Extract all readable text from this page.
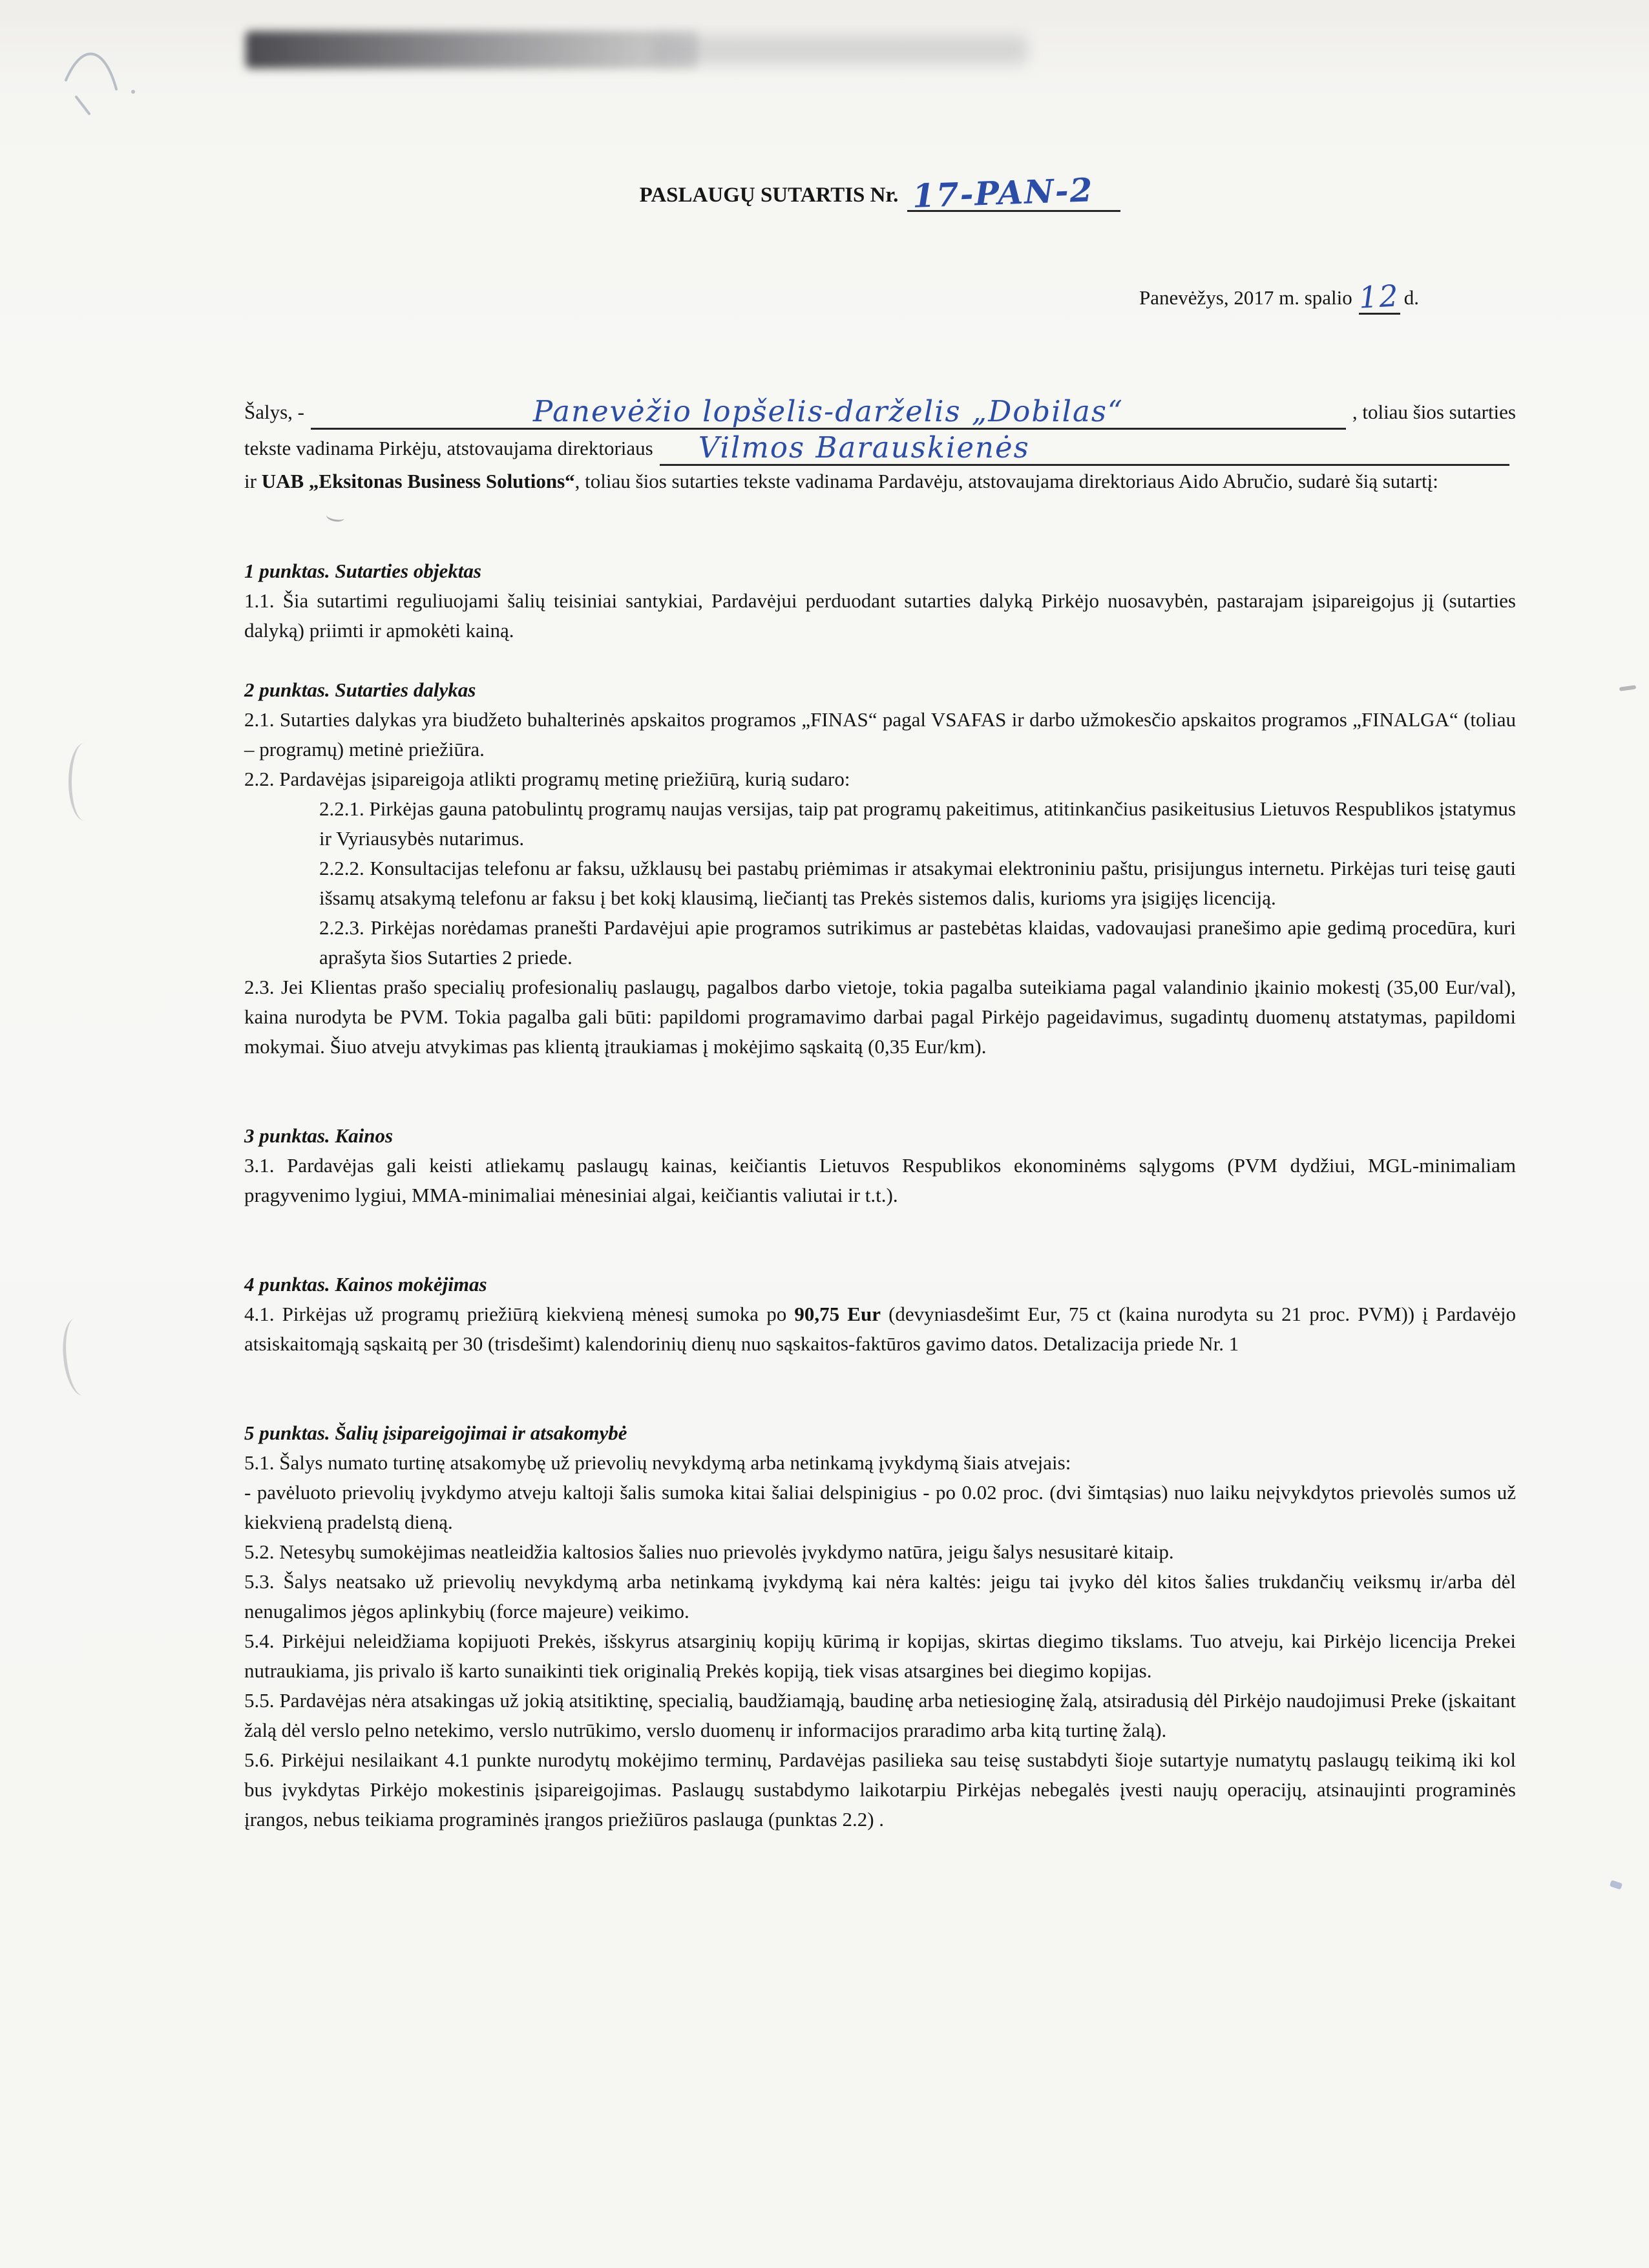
PASLAUGŲ SUTARTIS Nr. 17-PAN-2
Panevėžys, 2017 m. spalio 12 d.
Šalys, -	Panevėžio lopšelis-darželis „Dobilas“	, toliau šios sutarties
tekste vadinama Pirkėju, atstovaujama direktoriaus	Vilmos Barauskienės

ir UAB „Eksitonas Business Solutions“, toliau šios sutarties tekste vadinama Pardavėju, atstovaujama direktoriaus Aido Abručio, sudarė šią sutartį:

1 punktas. Sutarties objektas

1.1. Šia sutartimi reguliuojami šalių teisiniai santykiai, Pardavėjui perduodant sutarties dalyką Pirkėjo nuosavybėn, pastarajam įsipareigojus jį (sutarties dalyką) priimti ir apmokėti kainą.

2 punktas. Sutarties dalykas

2.1. Sutarties dalykas yra biudžeto buhalterinės apskaitos programos „FINAS“ pagal VSAFAS ir darbo užmokesčio apskaitos programos „FINALGA“ (toliau – programų) metinė priežiūra.

2.2. Pardavėjas įsipareigoja atlikti programų metinę priežiūrą, kurią sudaro:

2.2.1. Pirkėjas gauna patobulintų programų naujas versijas, taip pat programų pakeitimus, atitinkančius pasikeitusius Lietuvos Respublikos įstatymus ir Vyriausybės nutarimus.

2.2.2. Konsultacijas telefonu ar faksu, užklausų bei pastabų priėmimas ir atsakymai elektroniniu paštu, prisijungus internetu. Pirkėjas turi teisę gauti išsamų atsakymą telefonu ar faksu į bet kokį klausimą, liečiantį tas Prekės sistemos dalis, kurioms yra įsigijęs licenciją.

2.2.3. Pirkėjas norėdamas pranešti Pardavėjui apie programos sutrikimus ar pastebėtas klaidas, vadovaujasi pranešimo apie gedimą procedūra, kuri aprašyta šios Sutarties 2 priede.

2.3. Jei Klientas prašo specialių profesionalių paslaugų, pagalbos darbo vietoje, tokia pagalba suteikiama pagal valandinio įkainio mokestį (35,00 Eur/val), kaina nurodyta be PVM. Tokia pagalba gali būti: papildomi programavimo darbai pagal Pirkėjo pageidavimus, sugadintų duomenų atstatymas, papildomi mokymai. Šiuo atveju atvykimas pas klientą įtraukiamas į mokėjimo sąskaitą (0,35 Eur/km).

3 punktas. Kainos

3.1. Pardavėjas gali keisti atliekamų paslaugų kainas, keičiantis Lietuvos Respublikos ekonominėms sąlygoms (PVM dydžiui, MGL-minimaliam pragyvenimo lygiui, MMA-minimaliai mėnesiniai algai, keičiantis valiutai ir t.t.).

4 punktas. Kainos mokėjimas

4.1. Pirkėjas už programų priežiūrą kiekvieną mėnesį sumoka po 90,75 Eur (devyniasdešimt Eur, 75 ct (kaina nurodyta su 21 proc. PVM)) į Pardavėjo atsiskaitomąją sąskaitą per 30 (trisdešimt) kalendorinių dienų nuo sąskaitos-faktūros gavimo datos. Detalizacija priede Nr. 1

5 punktas. Šalių įsipareigojimai ir atsakomybė

5.1. Šalys numato turtinę atsakomybę už prievolių nevykdymą arba netinkamą įvykdymą šiais atvejais:

- pavėluoto prievolių įvykdymo atveju kaltoji šalis sumoka kitai šaliai delspinigius - po 0.02 proc. (dvi šimtąsias) nuo laiku neįvykdytos prievolės sumos už kiekvieną pradelstą dieną.

5.2. Netesybų sumokėjimas neatleidžia kaltosios šalies nuo prievolės įvykdymo natūra, jeigu šalys nesusitarė kitaip.

5.3. Šalys neatsako už prievolių nevykdymą arba netinkamą įvykdymą kai nėra kaltės: jeigu tai įvyko dėl kitos šalies trukdančių veiksmų ir/arba dėl nenugalimos jėgos aplinkybių (force majeure) veikimo.

5.4. Pirkėjui neleidžiama kopijuoti Prekės, išskyrus atsarginių kopijų kūrimą ir kopijas, skirtas diegimo tikslams. Tuo atveju, kai Pirkėjo licencija Prekei nutraukiama, jis privalo iš karto sunaikinti tiek originalią Prekės kopiją, tiek visas atsargines bei diegimo kopijas.

5.5. Pardavėjas nėra atsakingas už jokią atsitiktinę, specialią, baudžiamąją, baudinę arba netiesioginę žalą, atsiradusią dėl Pirkėjo naudojimusi Preke (įskaitant žalą dėl verslo pelno netekimo, verslo nutrūkimo, verslo duomenų ir informacijos praradimo arba kitą turtinę žalą).

5.6. Pirkėjui nesilaikant 4.1 punkte nurodytų mokėjimo terminų, Pardavėjas pasilieka sau teisę sustabdyti šioje sutartyje numatytų paslaugų teikimą iki kol bus įvykdytas Pirkėjo mokestinis įsipareigojimas. Paslaugų sustabdymo laikotarpiu Pirkėjas nebegalės įvesti naujų operacijų, atsinaujinti programinės įrangos, nebus teikiama programinės įrangos priežiūros paslauga (punktas 2.2) .
